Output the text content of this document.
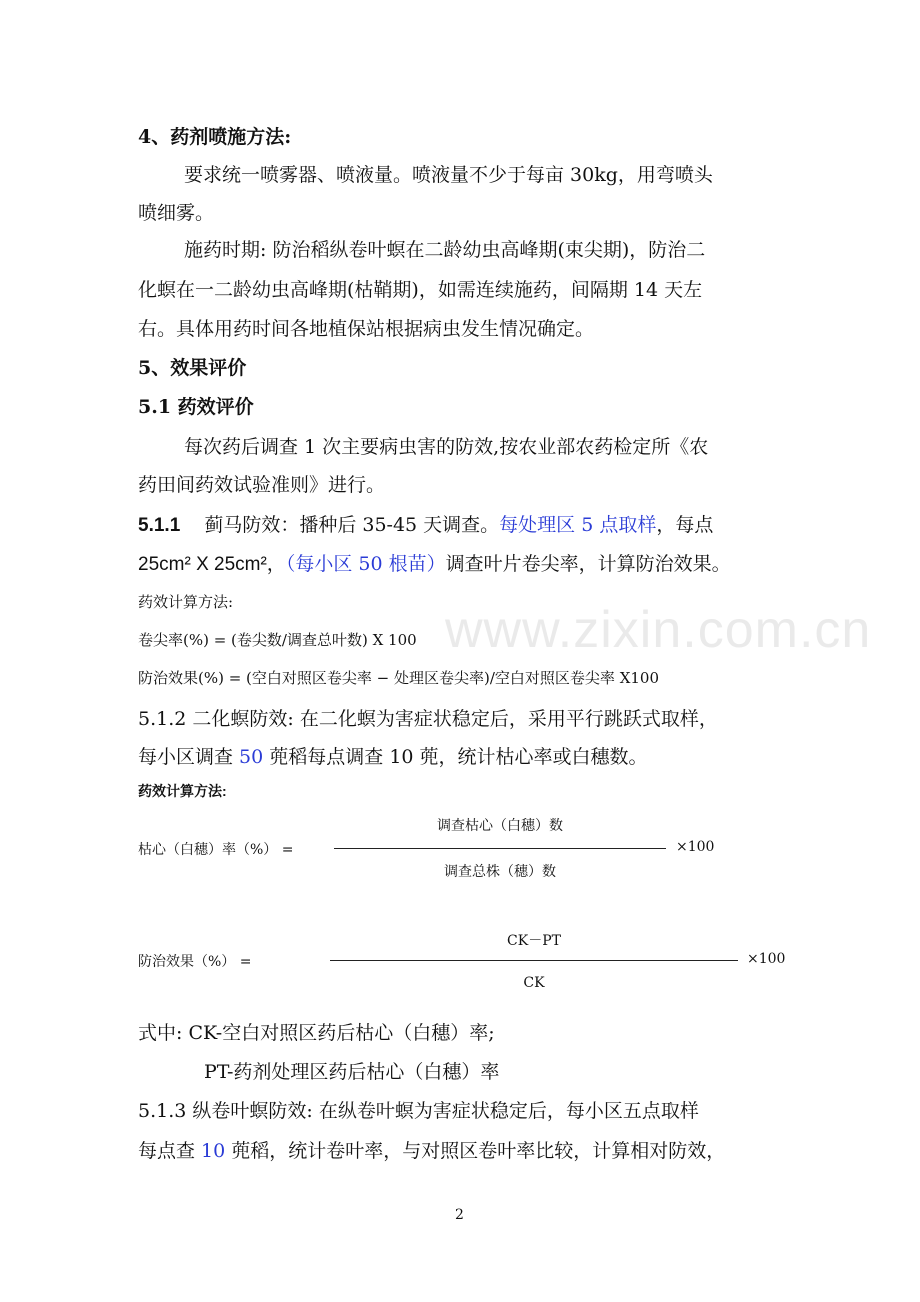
www.zixin.com.cn
4、药剂喷施方法:
要求统一喷雾器、喷液量。喷液量不少于每亩 30kg，用弯喷头
喷细雾。
施药时期: 防治稻纵卷叶螟在二龄幼虫高峰期(束尖期)，防治二
化螟在一二龄幼虫高峰期(枯鞘期)，如需连续施药，间隔期 14 天左
右。具体用药时间各地植保站根据病虫发生情况确定。
5、效果评价
5.1 药效评价
每次药后调查 1 次主要病虫害的防效,按农业部农药检定所《农
药田间药效试验准则》进行。
5.1.1 蓟马防效：播种后 35-45 天调查。每处理区 5 点取样，每点
25cm² X 25cm²，（每小区 50 根苗）调查叶片卷尖率，计算防治效果。
药效计算方法:
卷尖率(%) = (卷尖数/调查总叶数) X 100
防治效果(%) = (空白对照区卷尖率 − 处理区卷尖率)/空白对照区卷尖率 X100
5.1.2 二化螟防效: 在二化螟为害症状稳定后，采用平行跳跃式取样，
每小区调查 50 蔸稻每点调查 10 蔸，统计枯心率或白穗数。
药效计算方法:
枯心（白穗）率（%） =
调查枯心（白穗）数
调查总株（穗）数
×100
防治效果（%） =
CK－PT
CK
×100
式中: CK-空白对照区药后枯心（白穗）率;
PT-药剂处理区药后枯心（白穗）率
5.1.3 纵卷叶螟防效: 在纵卷叶螟为害症状稳定后，每小区五点取样
每点查 10 蔸稻，统计卷叶率，与对照区卷叶率比较，计算相对防效，
2
